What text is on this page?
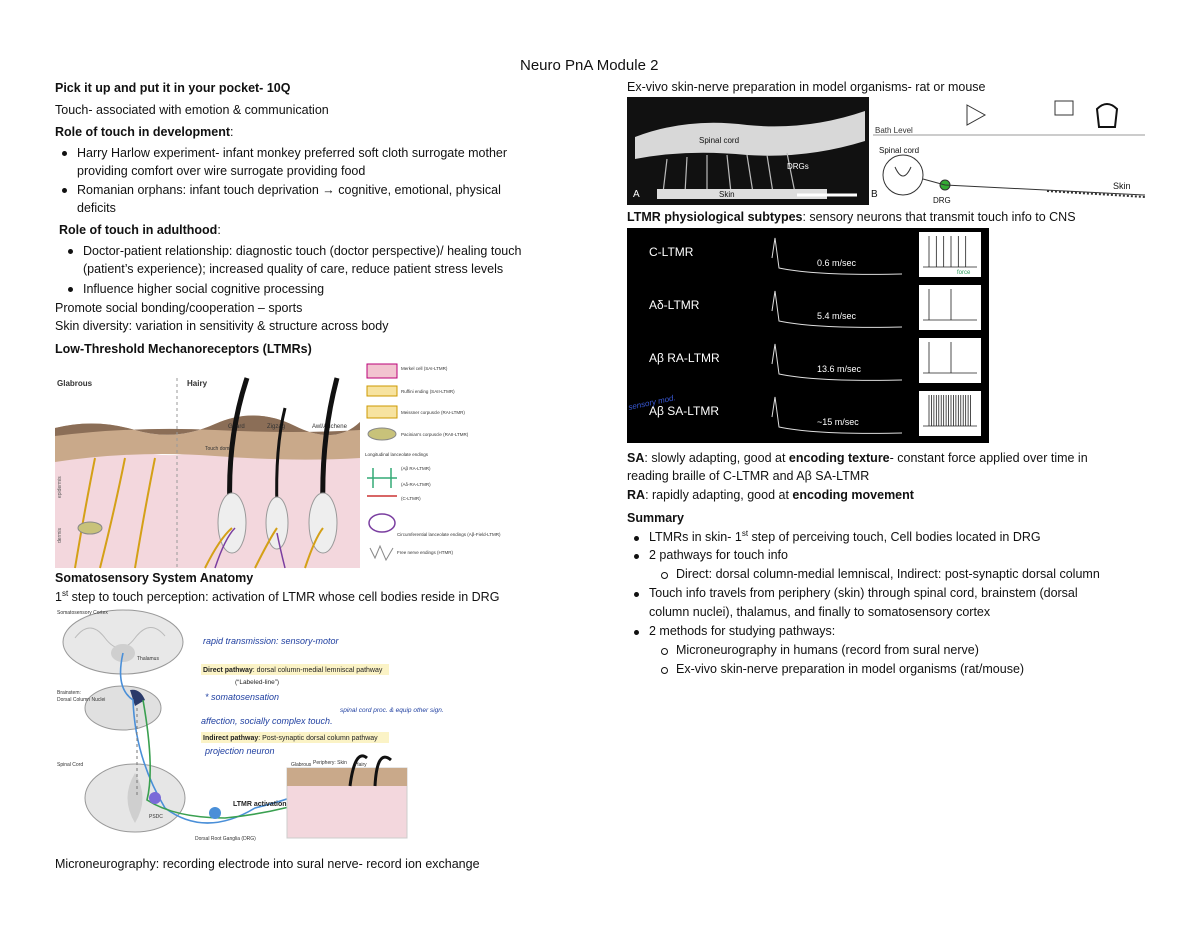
Neuro PnA Module 2
Pick it up and put it in your pocket- 10Q
Touch- associated with emotion & communication
Role of touch in development:
Harry Harlow experiment- infant monkey preferred soft cloth surrogate mother
providing comfort over wire surrogate providing food
Romanian orphans: infant touch deprivation → cognitive, emotional, physical
deficits
Role of touch in adulthood:
Doctor-patient relationship: diagnostic touch (doctor perspective)/ healing touch
(patient’s experience); increased quality of care, reduce patient stress levels
Influence higher social cognitive processing
Promote social bonding/cooperation – sports
Skin diversity: variation in sensitivity & structure across body
Low-Threshold Mechanoreceptors (LTMRs)
Glabrous	Hairy
Guard	Zigzag	Awl/Auchene
Touch dome
epidermis
dermis
Merkel cell (SAI-LTMR)
Ruffini ending (SAII-LTMR)
Meissner corpuscle (RAI-LTMR)
Pacinian's corpuscle (RAII-LTMR)
Longitudinal lanceolate endings
(Aβ RA-LTMR)
(Aδ-RA-LTMR)
(C-LTMR)
Circumferential lanceolate endings (Aβ-Field-LTMR)
Free nerve endings (HTMR)
Somatosensory System Anatomy
1st step to touch perception: activation of LTMR whose cell bodies reside in DRG
Somatosensory Cortex
Thalamus
Brainstem:
Dorsal Column Nuclei
Spinal Cord
PSDC
Dorsal Root Ganglia (DRG)
Periphery: Skin
Glabrous	Hairy
LTMR activation
rapid transmission: sensory-motor
Direct pathway: dorsal column-medial lemniscal pathway
(“Labeled-line”)
* somatosensation
affection, socially complex touch.
spinal cord proc. & equip other sign.
Indirect pathway: Post-synaptic dorsal column pathway
projection neuron
Microneurography: recording electrode into sural nerve- record ion exchange
Ex-vivo skin-nerve preparation in model organisms- rat or mouse
Spinal cord
DRGs
Skin
A
Bath Level
Spinal cord
DRG
Skin
B
LTMR physiological subtypes: sensory neurons that transmit touch info to CNS
C-LTMR
0.6 m/sec
Aδ-LTMR
5.4 m/sec
Aβ RA-LTMR
13.6 m/sec
Aβ SA-LTMR
~15 m/sec
sensory mod.
force
SA: slowly adapting, good at encoding texture- constant force applied over time in
reading braille of C-LTMR and Aβ SA-LTMR
RA: rapidly adapting, good at encoding movement
Summary
LTMRs in skin- 1st step of perceiving touch, Cell bodies located in DRG
2 pathways for touch info
Direct: dorsal column-medial lemniscal, Indirect: post-synaptic dorsal column
Touch info travels from periphery (skin) through spinal cord, brainstem (dorsal
column nuclei), thalamus, and finally to somatosensory cortex
2 methods for studying pathways:
Microneurography in humans (record from sural nerve)
Ex-vivo skin-nerve preparation in model organisms (rat/mouse)
